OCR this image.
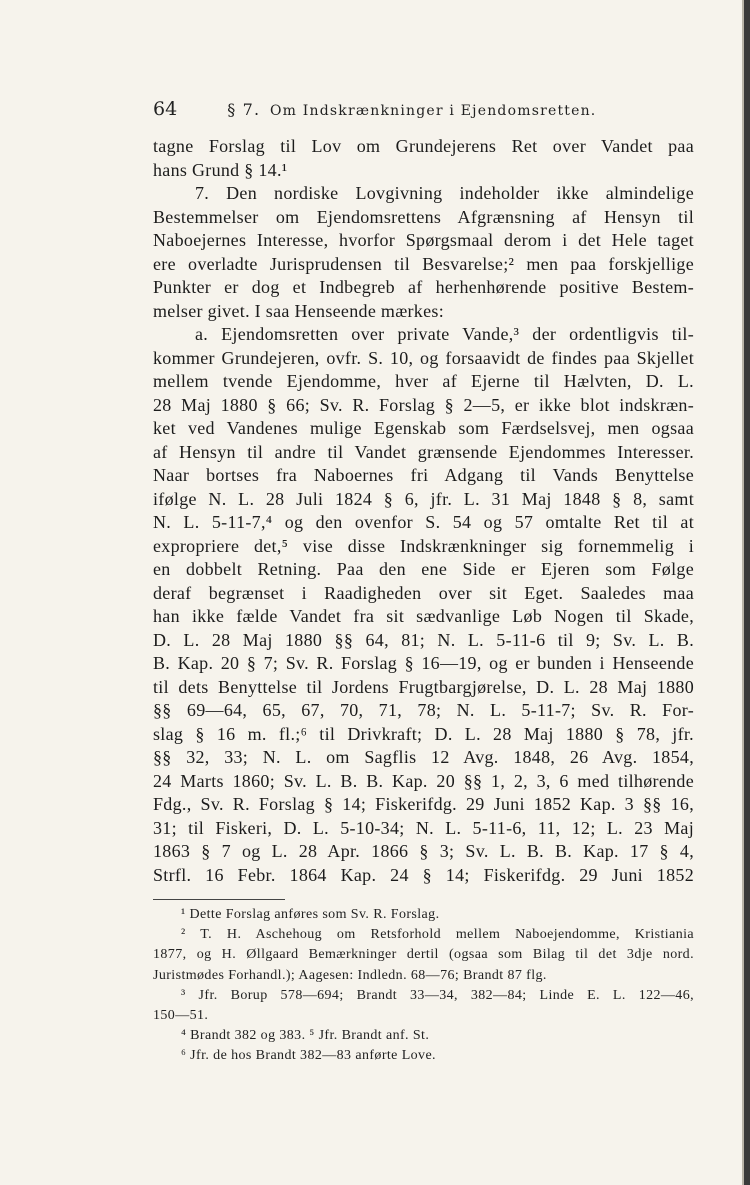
64	§ 7. Om Indskrænkninger i Ejendomsretten.
tagne Forslag til Lov om Grundejerens Ret over Vandet paa
hans Grund § 14.¹
7. Den nordiske Lovgivning indeholder ikke almindelige
Bestemmelser om Ejendomsrettens Afgrænsning af Hensyn til
Naboejernes Interesse, hvorfor Spørgsmaal derom i det Hele taget
ere overladte Jurisprudensen til Besvarelse;² men paa forskjellige
Punkter er dog et Indbegreb af herhenhørende positive Bestem-
melser givet. I saa Henseende mærkes:
a. Ejendomsretten over private Vande,³ der ordentligvis til-
kommer Grundejeren, ovfr. S. 10, og forsaavidt de findes paa Skjellet
mellem tvende Ejendomme, hver af Ejerne til Hælvten, D. L.
28 Maj 1880 § 66; Sv. R. Forslag § 2—5, er ikke blot indskræn-
ket ved Vandenes mulige Egenskab som Færdselsvej, men ogsaa
af Hensyn til andre til Vandet grænsende Ejendommes Interesser.
Naar bortses fra Naboernes fri Adgang til Vands Benyttelse
ifølge N. L. 28 Juli 1824 § 6, jfr. L. 31 Maj 1848 § 8, samt
N. L. 5-11-7,⁴ og den ovenfor S. 54 og 57 omtalte Ret til at
expropriere det,⁵ vise disse Indskrænkninger sig fornemmelig i
en dobbelt Retning. Paa den ene Side er Ejeren som Følge
deraf begrænset i Raadigheden over sit Eget. Saaledes maa
han ikke fælde Vandet fra sit sædvanlige Løb Nogen til Skade,
D. L. 28 Maj 1880 §§ 64, 81; N. L. 5-11-6 til 9; Sv. L. B.
B. Kap. 20 § 7; Sv. R. Forslag § 16—19, og er bunden i Henseende
til dets Benyttelse til Jordens Frugtbargjørelse, D. L. 28 Maj 1880
§§ 69—64, 65, 67, 70, 71, 78; N. L. 5-11-7; Sv. R. For-
slag § 16 m. fl.;⁶ til Drivkraft; D. L. 28 Maj 1880 § 78, jfr.
§§ 32, 33; N. L. om Sagflis 12 Avg. 1848, 26 Avg. 1854,
24 Marts 1860; Sv. L. B. B. Kap. 20 §§ 1, 2, 3, 6 med tilhørende
Fdg., Sv. R. Forslag § 14; Fiskerifdg. 29 Juni 1852 Kap. 3 §§ 16,
31; til Fiskeri, D. L. 5-10-34; N. L. 5-11-6, 11, 12; L. 23 Maj
1863 § 7 og L. 28 Apr. 1866 § 3; Sv. L. B. B. Kap. 17 § 4,
Strfl. 16 Febr. 1864 Kap. 24 § 14; Fiskerifdg. 29 Juni 1852
¹ Dette Forslag anføres som Sv. R. Forslag.
² T. H. Aschehoug om Retsforhold mellem Naboejendomme, Kristiania
1877, og H. Øllgaard Bemærkninger dertil (ogsaa som Bilag til det 3dje nord.
Juristmødes Forhandl.); Aagesen: Indledn. 68—76; Brandt 87 flg.
³ Jfr. Borup 578—694; Brandt 33—34, 382—84; Linde E. L. 122—46,
150—51.
⁴ Brandt 382 og 383. ⁵ Jfr. Brandt anf. St.
⁶ Jfr. de hos Brandt 382—83 anførte Love.
